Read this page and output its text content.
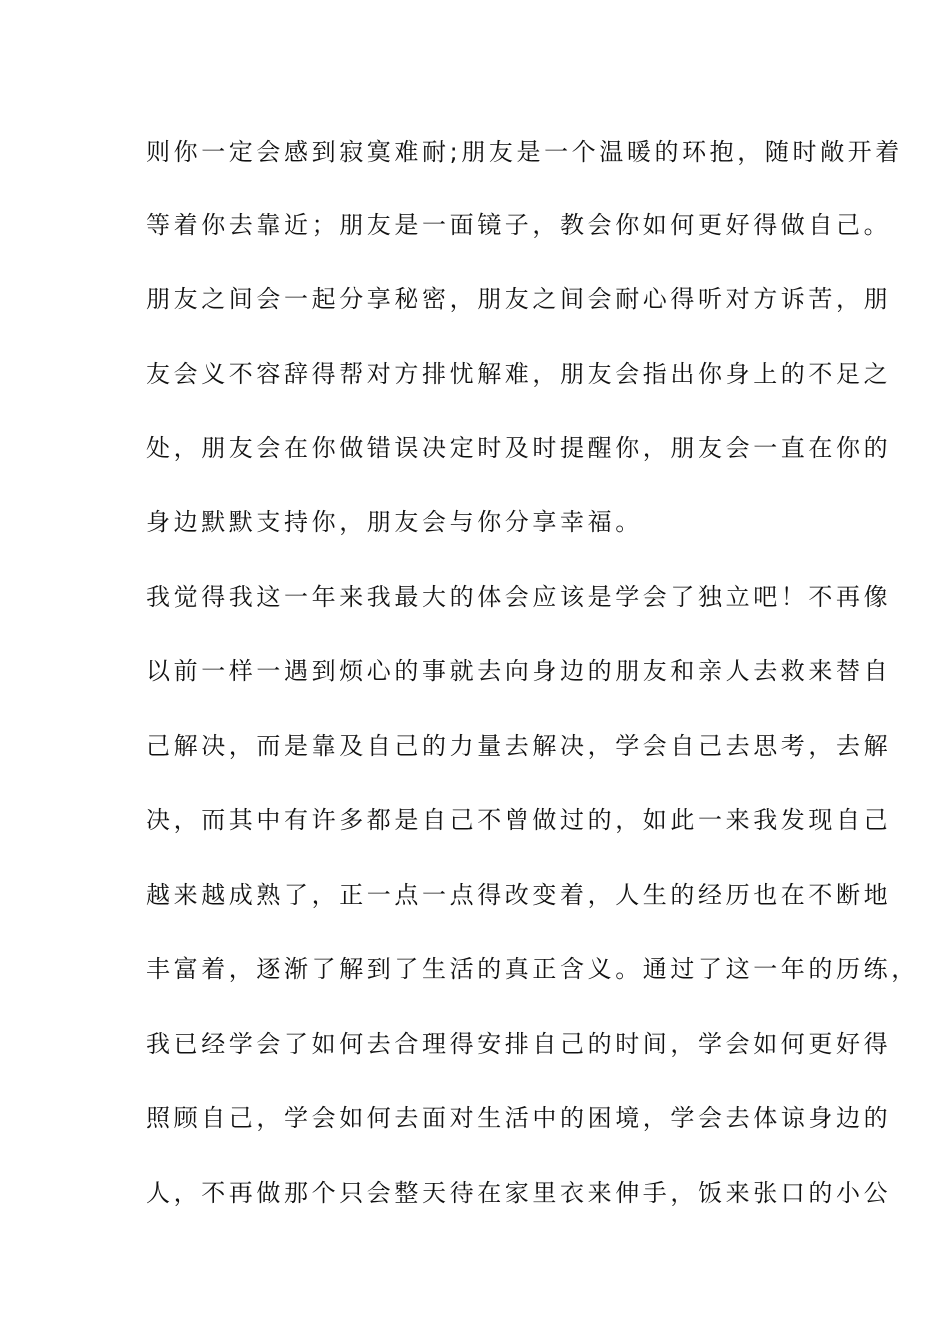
则你一定会感到寂寞难耐;朋友是一个温暖的环抱，随时敞开着
等着你去靠近；朋友是一面镜子，教会你如何更好得做自己。
朋友之间会一起分享秘密，朋友之间会耐心得听对方诉苦，朋
友会义不容辞得帮对方排忧解难，朋友会指出你身上的不足之
处，朋友会在你做错误决定时及时提醒你，朋友会一直在你的
身边默默支持你，朋友会与你分享幸福。
我觉得我这一年来我最大的体会应该是学会了独立吧！不再像
以前一样一遇到烦心的事就去向身边的朋友和亲人去救来替自
己解决，而是靠及自己的力量去解决，学会自己去思考，去解
决，而其中有许多都是自己不曾做过的，如此一来我发现自己
越来越成熟了，正一点一点得改变着，人生的经历也在不断地
丰富着，逐渐了解到了生活的真正含义。通过了这一年的历练，
我已经学会了如何去合理得安排自己的时间，学会如何更好得
照顾自己，学会如何去面对生活中的困境，学会去体谅身边的
人，不再做那个只会整天待在家里衣来伸手，饭来张口的小公
